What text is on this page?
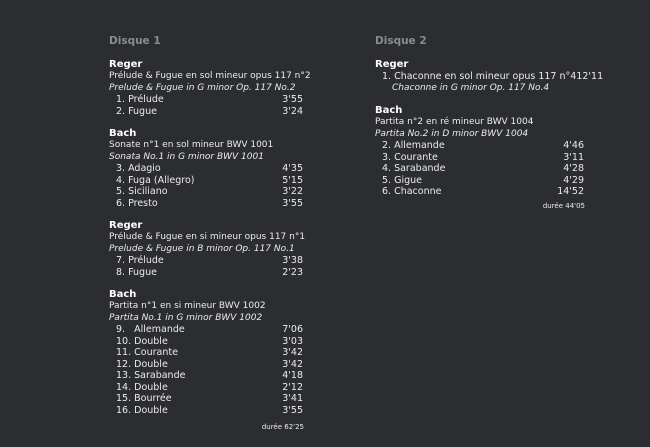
Disque 1
Reger
Prélude & Fugue en sol mineur opus 117 n°2
Prelude & Fugue in G minor Op. 117 No.2
1. Prélude	3'55
2. Fugue	3'24
Bach
Sonate n°1 en sol mineur BWV 1001
Sonata No.1 in G minor BWV 1001
3. Adagio	4'35
4. Fuga (Allegro)	5'15
5. Siciliano	3'22
6. Presto	3'55
Reger
Prélude & Fugue en si mineur opus 117 n°1
Prelude & Fugue in B minor Op. 117 No.1
7. Prélude	3'38
8. Fugue	2'23
Bach
Partita n°1 en si mineur BWV 1002
Partita No.1 in G minor BWV 1002
9.   Allemande	7'06
10. Double	3'03
11. Courante	3'42
12. Double	3'42
13. Sarabande	4'18
14. Double	2'12
15. Bourrée	3'41
16. Double	3'55
durée 62'25
Disque 2
Reger
1. Chaconne en sol mineur opus 117 n°4 12'11
Chaconne in G minor Op. 117 No.4
Bach
Partita n°2 en ré mineur BWV 1004
Partita No.2 in D minor BWV 1004
2. Allemande	4'46
3. Courante	3'11
4. Sarabande	4'28
5. Gigue	4'29
6. Chaconne	14'52
durée 44'05
